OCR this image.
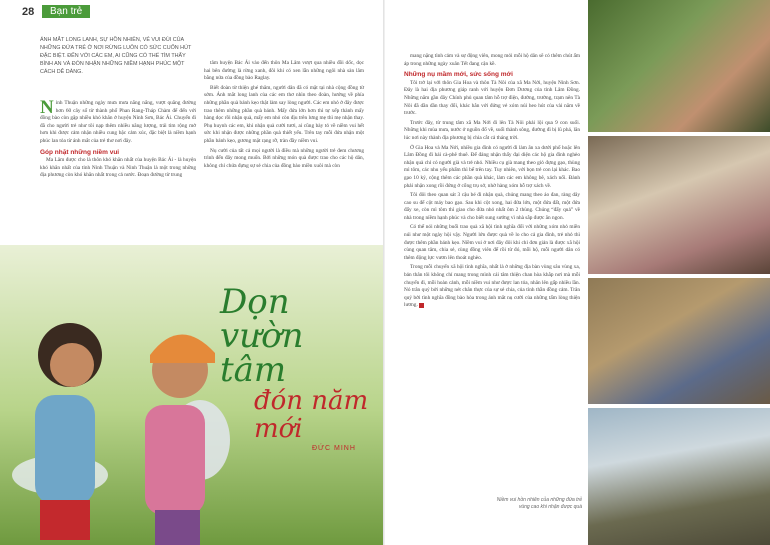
28	Bạn trẻ
ÁNH MẮT LONG LANH, SỰ HỒN NHIÊN, VẺ VUI ĐÙI CỦA NHỮNG ĐỨA TRẺ Ở NƠI RỪNG LUÔN CÓ SỨC CUỐN HÚT ĐẶC BIỆT. ĐẾN VỚI CÁC EM, AI CŨNG CÓ THỂ TÌM THẤY BÌNH AN VÀ ĐÓN NHẬN NHỮNG NIỀM HẠNH PHÚC MỘT CÁCH DỄ DÀNG.

Ninh Thuận những ngày mưa mưa nắng nắng, vượt quãng đường hơn 60 cây số từ thành phố Phan Rang-Tháp Chàm để đến với đồng bào còn gặp nhiều khó khăn ở huyện Ninh Sơn, Bác Ái. Chuyến đi đã cho người trẻ như tôi nạp thêm nhiều năng lượng, trái tim rộng mở hơn khi được cảm nhận nhiều cung bậc cảm xúc, đặc biệt là niềm hạnh phúc lan tỏa từ ánh mắt của trẻ thơ nơi đây.

Góp nhặt những niềm vui

Ma Lâm được cho là thôn khó khăn nhất của huyện Bác Ái - là huyện khó khăn nhất của tỉnh Ninh Thuận và Ninh Thuận là một trong những địa phương còn khó khăn nhất trong cả nước. Đoạn đường từ trung

tâm huyện Bác Ái vào đến thôn Ma Lâm vượt qua nhiều đồi dốc, dọc hai bên đường là rừng xanh, đôi khi có xen lẫn những ngôi nhà sàn lâm bằng nứa của đồng bào Raglay.

Biết đoàn từ thiện ghé thăm, người dân đã có mặt tại nhà cộng đồng từ sớm. Ánh mắt long lanh của các em thơ nhìn theo đoàn, hướng về phía những phần quà bánh kẹo thật làm say lòng người. Các em nhỏ ở đây được trao thêm những phần quà bánh. Mấy đứa lớn hơn thì tự xếp thành mấy hàng dọc rồi nhận quà, mấy em nhỏ còn địu trên lưng mẹ thì mẹ nhận thay. Phụ huynh các em, khi nhận quà cười tươi, ai cũng bày tỏ về niềm vui hết sức khi nhận được những phần quà thiết yếu. Trên tay mỗi đứa nhận một phần bánh kẹo, gương mặt rạng rỡ, tràn đầy niềm vui.

Nụ cười của tất cả mọi người là điều mà những người trẻ đem chương trình đến đây mong muốn. Bởi những món quà được trao cho các hộ dân, không chỉ chứa đựng sự sẻ chia của đồng bào miền xuôi mà còn

Dọn vườn tâm
đón năm mới
ĐỨC MINH

mang nặng tình cảm và sự động viên, mong mỏi mỗi hộ dân sẽ có thêm chút ấm áp trong những ngày xuân Tết đang cận kề.

Những nụ mầm mới, sức sống mới

Tôi trở lại với thôn Gia Hoa và thôn Tà Nôi của xã Ma Nới, huyện Ninh Sơn. Đây là hai địa phương giáp ranh với huyện Đơn Dương của tỉnh Lâm Đồng. Những năm gần đây Chính phủ quan tâm hỗ trợ điện, đường, trường, trạm nên Tà Nôi đã dần dần thay đổi, khác hẳn với đứng vẻ xóm núi heo hút của vài năm về trước.

Trước đây, từ trung tâm xã Ma Nới đi lên Tà Nôi phải lội qua 9 con suối. Những khi mùa mưa, nước ở nguồn đổ về, suối thành sông, đường đi bị lũ phá, lăn lúc nơi này thành địa phương bị chia cắt cả tháng trời.

Ở Gia Hoa và Ma Nới, nhiều gia đình có người đi làm ăn xa dưới phố hoặc lên Lâm Đồng đi hái cà-phê thuê. Để đáng nhận thấy đại diện các hộ gia đình nghèo nhận quà chỉ có người già và trẻ nhỏ. Nhiều cụ già mang theo giỏ đựng gạo, thùng mì tôm, các nhu yếu phẩm thì bế trên tay. Tuy nhiên, với bọn trẻ con lại khác. Bao gạo 10 ký, cộng thêm các phần quà khác, làm các em không bê, xách nổi. Đành phải nhận xong rồi đứng ở cổng trụ sở, nhờ hàng xóm hỗ trợ xách về.

Tôi đôi theo quan sát 3 cậu bé đi nhận quà, chúng mang theo áo đan, ràng dây cao su để cột máy bao gạo. Sau khi cột xong, hai đứa lớn, một đứa đất, một đứa đẩy xe, còn mì tôm thì giao cho đứa nhỏ nhất ôm 2 thùng. Chúng “đẩy quả” về nhà trong niềm hạnh phúc và cho biết sung sướng vì nhà sắp được ăn ngon.

Có thể nói những buổi trao quà xã hội tình nghĩa đối với những xóm nhỏ miền núi như một ngày hội vậy. Người lớn được quà về lo cho cả gia đình, trẻ nhỏ thì được thêm phần bánh kẹo. Niềm vui ở nơi đây đôi khi chỉ đơn giản là được xã hội cùng quan tâm, chia sẻ, cùng đồng viên để rồi từ đó, mỗi hộ, mỗi người dân có thêm động lực vươn lên thoát nghèo.

Trong mỗi chuyến xã hội tình nghĩa, nhất là ở những địa bàn vùng sâu vùng xa, bản thân tôi không chỉ mang trong mình cái tâm thiện chan hòa khắp nơi mà mỗi chuyến đi, mỗi hoàn cảnh, mỗi niềm vui như được lan tỏa, nhân lên gấp nhiều lần. Nó trân quý bởi những nét chân thực của sự sẻ chia, của tình thần đồng cảm. Trân quý bởi tình nghĩa đồng bào hòa trong ánh mắt nụ cười của những tấm lòng thiện lương.

Niềm vui hồn nhiên của những đứa trẻ vùng cao khi nhận được quà
